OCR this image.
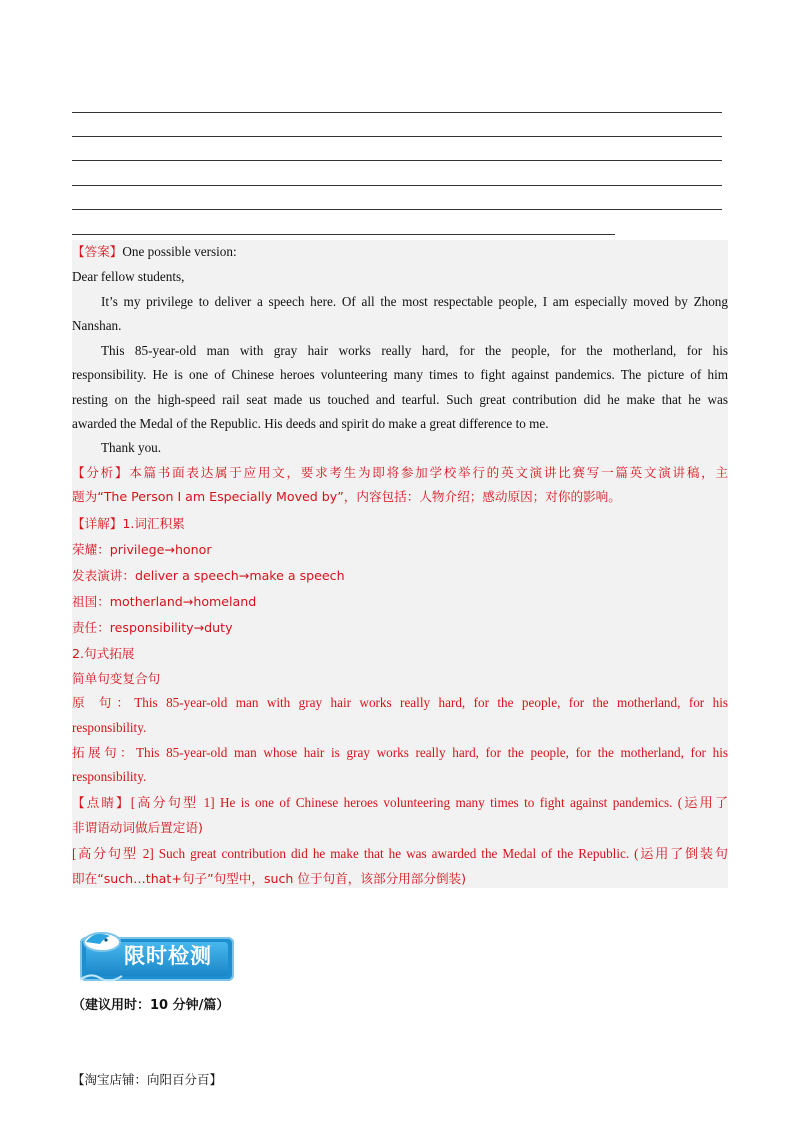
【答案】One possible version:
Dear fellow students,
It’s my privilege to deliver a speech here. Of all the most respectable people, I am especially moved by Zhong
Nanshan.
This 85-year-old man with gray hair works really hard, for the people, for the motherland, for his
responsibility. He is one of Chinese heroes volunteering many times to fight against pandemics. The picture of him
resting on the high-speed rail seat made us touched and tearful. Such great contribution did he make that he was
awarded the Medal of the Republic. His deeds and spirit do make a great difference to me.
Thank you.
【分析】本篇书面表达属于应用文，要求考生为即将参加学校举行的英文演讲比赛写一篇英文演讲稿，主
题为“The Person I am Especially Moved by”，内容包括：人物介绍；感动原因；对你的影响。
【详解】1.词汇积累
荣耀：privilege→honor
发表演讲：deliver a speech→make a speech
祖国：motherland→homeland
责任：responsibility→duty
2.句式拓展
简单句变复合句
原 句：This 85-year-old man with gray hair works really hard, for the people, for the motherland, for his
responsibility.
拓展句：This 85-year-old man whose hair is gray works really hard, for the people, for the motherland, for his
responsibility.
【点睛】[高分句型 1] He is one of Chinese heroes volunteering many times to fight against pandemics. (运用了
非谓语动词做后置定语)
[高分句型 2] Such great contribution did he make that he was awarded the Medal of the Republic. (运用了倒装句
即在“such…that+句子”句型中，such 位于句首，该部分用部分倒装)
限时检测
（建议用时：10 分钟/篇）
【淘宝店铺：向阳百分百】
